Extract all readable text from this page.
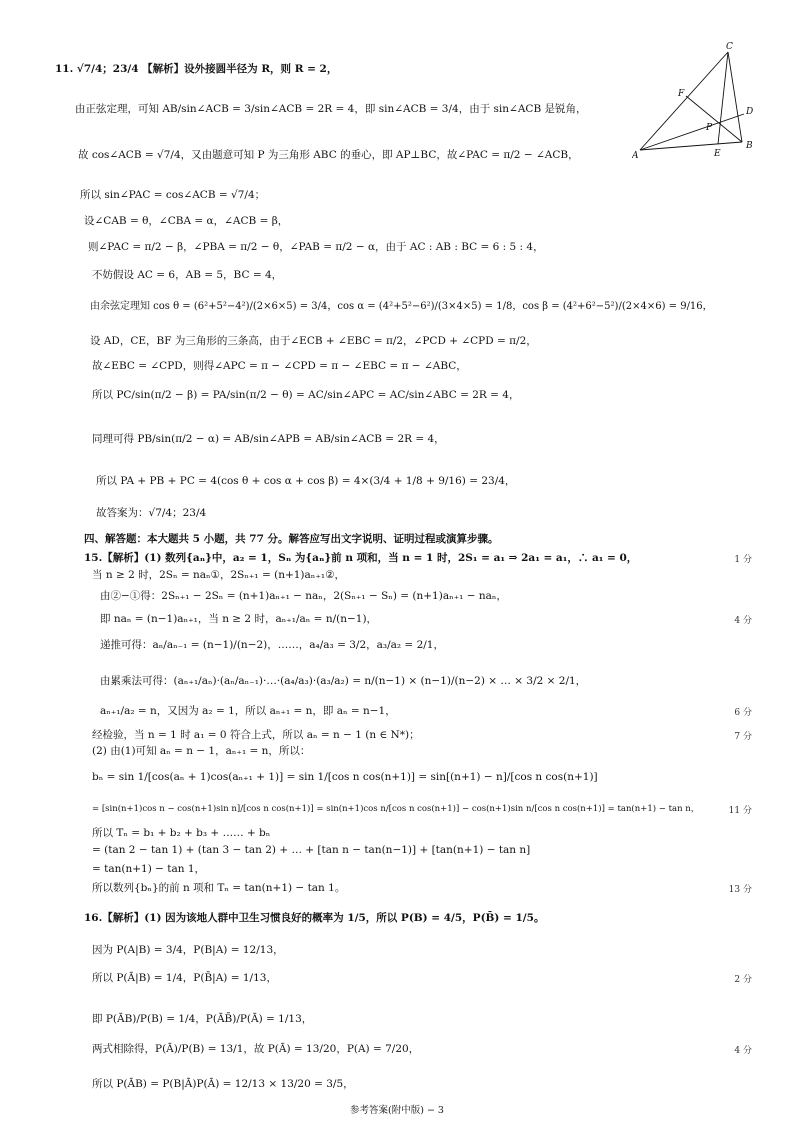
11. √7/4；23/4 【解析】设外接圆半径为 R，则 R = 2，
由正弦定理，可知 AB/sin∠ACB = 3/sin∠ACB = 2R = 4，即 sin∠ACB = 3/4，由于 sin∠ACB 是锐角，
故 cos∠ACB = √7/4，又由题意可知 P 为三角形 ABC 的垂心，即 AP⊥BC，故∠PAC = π/2 − ∠ACB，
所以 sin∠PAC = cos∠ACB = √7/4；
设∠CAB = θ，∠CBA = α，∠ACB = β，
则∠PAC = π/2 − β，∠PBA = π/2 − θ，∠PAB = π/2 − α，由于 AC : AB : BC = 6 : 5 : 4，
不妨假设 AC = 6，AB = 5，BC = 4，
由余弦定理知 cos θ = (6²+5²−4²)/(2×6×5) = 3/4，cos α = (4²+5²−6²)/(3×4×5) = 1/8，cos β = (4²+6²−5²)/(2×4×6) = 9/16，
设 AD，CE，BF 为三角形的三条高，由于∠ECB + ∠EBC = π/2，∠PCD + ∠CPD = π/2，
故∠EBC = ∠CPD，则得∠APC = π − ∠CPD = π − ∠EBC = π − ∠ABC，
所以 PC/sin(π/2 − β) = PA/sin(π/2 − θ) = AC/sin∠APC = AC/sin∠ABC = 2R = 4，
同理可得 PB/sin(π/2 − α) = AB/sin∠APB = AB/sin∠ACB = 2R = 4，
所以 PA + PB + PC = 4(cos θ + cos α + cos β) = 4×(3/4 + 1/8 + 9/16) = 23/4，
故答案为：√7/4；23/4
四、解答题：本大题共 5 小题，共 77 分。解答应写出文字说明、证明过程或演算步骤。
15.【解析】(1) 数列{aₙ}中，a₂ = 1，Sₙ 为{aₙ}前 n 项和，当 n = 1 时，2S₁ = a₁ ⇒ 2a₁ = a₁，∴ a₁ = 0，	1 分
当 n ≥ 2 时，2Sₙ = naₙ①，2Sₙ₊₁ = (n+1)aₙ₊₁②，
由②−①得：2Sₙ₊₁ − 2Sₙ = (n+1)aₙ₊₁ − naₙ，2(Sₙ₊₁ − Sₙ) = (n+1)aₙ₊₁ − naₙ，
即 naₙ = (n−1)aₙ₊₁，当 n ≥ 2 时，aₙ₊₁/aₙ = n/(n−1)，	4 分
递推可得：aₙ/aₙ₋₁ = (n−1)/(n−2)，……，a₄/a₃ = 3/2，a₃/a₂ = 2/1，
由累乘法可得：(aₙ₊₁/aₙ)·(aₙ/aₙ₋₁)·…·(a₄/a₃)·(a₃/a₂) = n/(n−1) × (n−1)/(n−2) × … × 3/2 × 2/1，
aₙ₊₁/a₂ = n，又因为 a₂ = 1，所以 aₙ₊₁ = n，即 aₙ = n−1，	6 分
经检验，当 n = 1 时 a₁ = 0 符合上式，所以 aₙ = n − 1 (n ∈ N*)；	7 分
(2) 由(1)可知 aₙ = n − 1，aₙ₊₁ = n，所以：
bₙ = sin 1/[cos(aₙ + 1)cos(aₙ₊₁ + 1)] = sin 1/[cos n cos(n+1)] = sin[(n+1) − n]/[cos n cos(n+1)]
= [sin(n+1)cos n − cos(n+1)sin n]/[cos n cos(n+1)] = sin(n+1)cos n/[cos n cos(n+1)] − cos(n+1)sin n/[cos n cos(n+1)] = tan(n+1) − tan n，	11 分
所以 Tₙ = b₁ + b₂ + b₃ + …… + bₙ
= (tan 2 − tan 1) + (tan 3 − tan 2) + … + [tan n − tan(n−1)] + [tan(n+1) − tan n]
= tan(n+1) − tan 1，
所以数列{bₙ}的前 n 项和 Tₙ = tan(n+1) − tan 1。	13 分
16.【解析】(1) 因为该地人群中卫生习惯良好的概率为 1/5，所以 P(B) = 4/5，P(B̄) = 1/5。
因为 P(A|B) = 3/4，P(B|A) = 12/13，
所以 P(Ā|B) = 1/4，P(B̄|A) = 1/13，	2 分
即 P(ĀB)/P(B) = 1/4，P(ĀB̄)/P(Ā) = 1/13，
两式相除得，P(Ā)/P(B) = 13/1，故 P(Ā) = 13/20，P(A) = 7/20，	4 分
所以 P(ĀB) = P(B|Ā)P(Ā) = 12/13 × 13/20 = 3/5，
C
F
D
P
A	E
B
参考答案(附中版) − 3
